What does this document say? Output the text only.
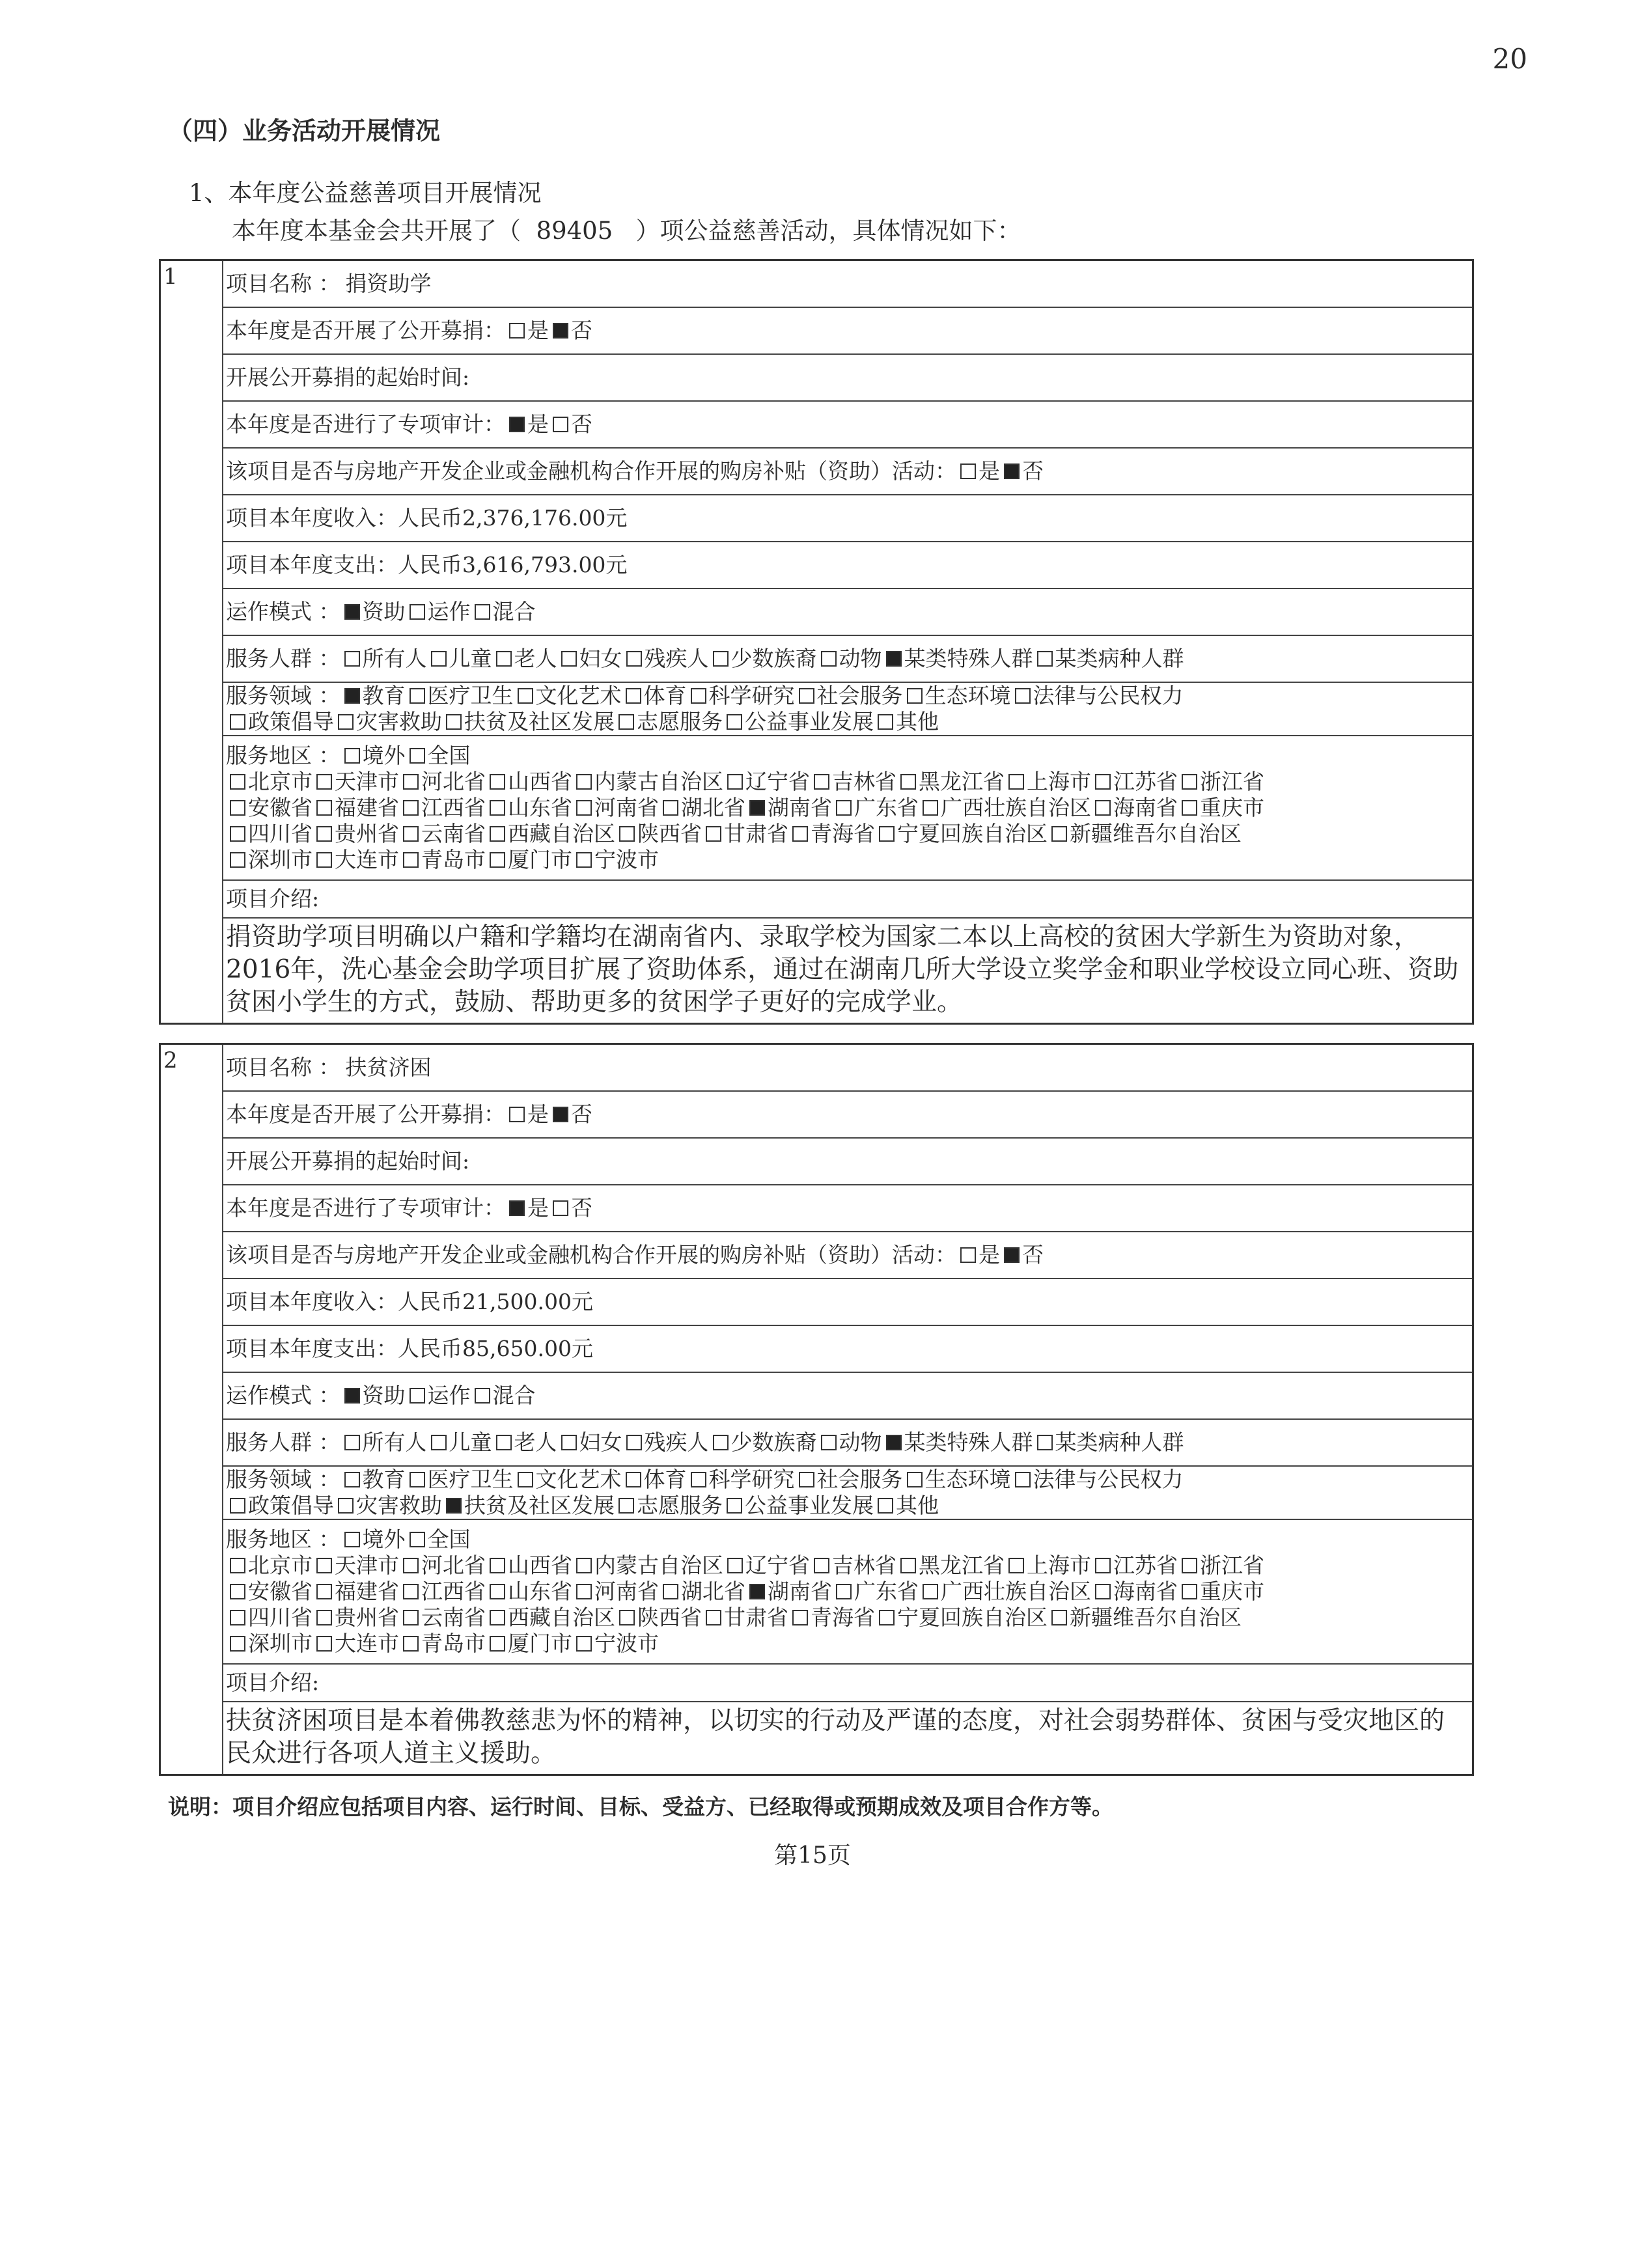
20
（四）业务活动开展情况
1、本年度公益慈善项目开展情况
本年度本基金会共开展了（ 89405 ）项公益慈善活动，具体情况如下：
1	项目名称 ： 捐资助学
本年度是否开展了公开募捐： 是 否
开展公开募捐的起始时间:
本年度是否进行了专项审计： 是 否
该项目是否与房地产开发企业或金融机构合作开展的购房补贴（资助）活动： 是 否
项目本年度收入：人民币2,376,176.00元
项目本年度支出：人民币3,616,793.00元
运作模式 ： 资助 运作 混合
服务人群 ： 所有人 儿童 老人 妇女 残疾人 少数族裔 动物 某类特殊人群 某类病种人群

服务领域 ： 教育 医疗卫生 文化艺术 体育 科学研究 社会服务 生态环境 法律与公民权力
政策倡导 灾害救助 扶贫及社区发展 志愿服务 公益事业发展 其他

服务地区 ： 境外 全国
北京市 天津市 河北省 山西省 内蒙古自治区 辽宁省 吉林省 黑龙江省 上海市 江苏省 浙江省
安徽省 福建省 江西省 山东省 河南省 湖北省 湖南省 广东省 广西壮族自治区 海南省 重庆市
四川省 贵州省 云南省 西藏自治区 陕西省 甘肃省 青海省 宁夏回族自治区 新疆维吾尔自治区
深圳市 大连市 青岛市 厦门市 宁波市

项目介绍:
捐资助学项目明确以户籍和学籍均在湖南省内、录取学校为国家二本以上高校的贫困大学新生为资助对象，2016年，洗心基金会助学项目扩展了资助体系，通过在湖南几所大学设立奖学金和职业学校设立同心班、资助贫困小学生的方式，鼓励、帮助更多的贫困学子更好的完成学业。
2	项目名称 ： 扶贫济困
本年度是否开展了公开募捐： 是 否
开展公开募捐的起始时间:
本年度是否进行了专项审计： 是 否
该项目是否与房地产开发企业或金融机构合作开展的购房补贴（资助）活动： 是 否
项目本年度收入：人民币21,500.00元
项目本年度支出：人民币85,650.00元
运作模式 ： 资助 运作 混合
服务人群 ： 所有人 儿童 老人 妇女 残疾人 少数族裔 动物 某类特殊人群 某类病种人群

服务领域 ： 教育 医疗卫生 文化艺术 体育 科学研究 社会服务 生态环境 法律与公民权力
政策倡导 灾害救助 扶贫及社区发展 志愿服务 公益事业发展 其他

服务地区 ： 境外 全国
北京市 天津市 河北省 山西省 内蒙古自治区 辽宁省 吉林省 黑龙江省 上海市 江苏省 浙江省
安徽省 福建省 江西省 山东省 河南省 湖北省 湖南省 广东省 广西壮族自治区 海南省 重庆市
四川省 贵州省 云南省 西藏自治区 陕西省 甘肃省 青海省 宁夏回族自治区 新疆维吾尔自治区
深圳市 大连市 青岛市 厦门市 宁波市

项目介绍:
扶贫济困项目是本着佛教慈悲为怀的精神，以切实的行动及严谨的态度，对社会弱势群体、贫困与受灾地区的民众进行各项人道主义援助。
说明：项目介绍应包括项目内容、运行时间、目标、受益方、已经取得或预期成效及项目合作方等。
第15页
